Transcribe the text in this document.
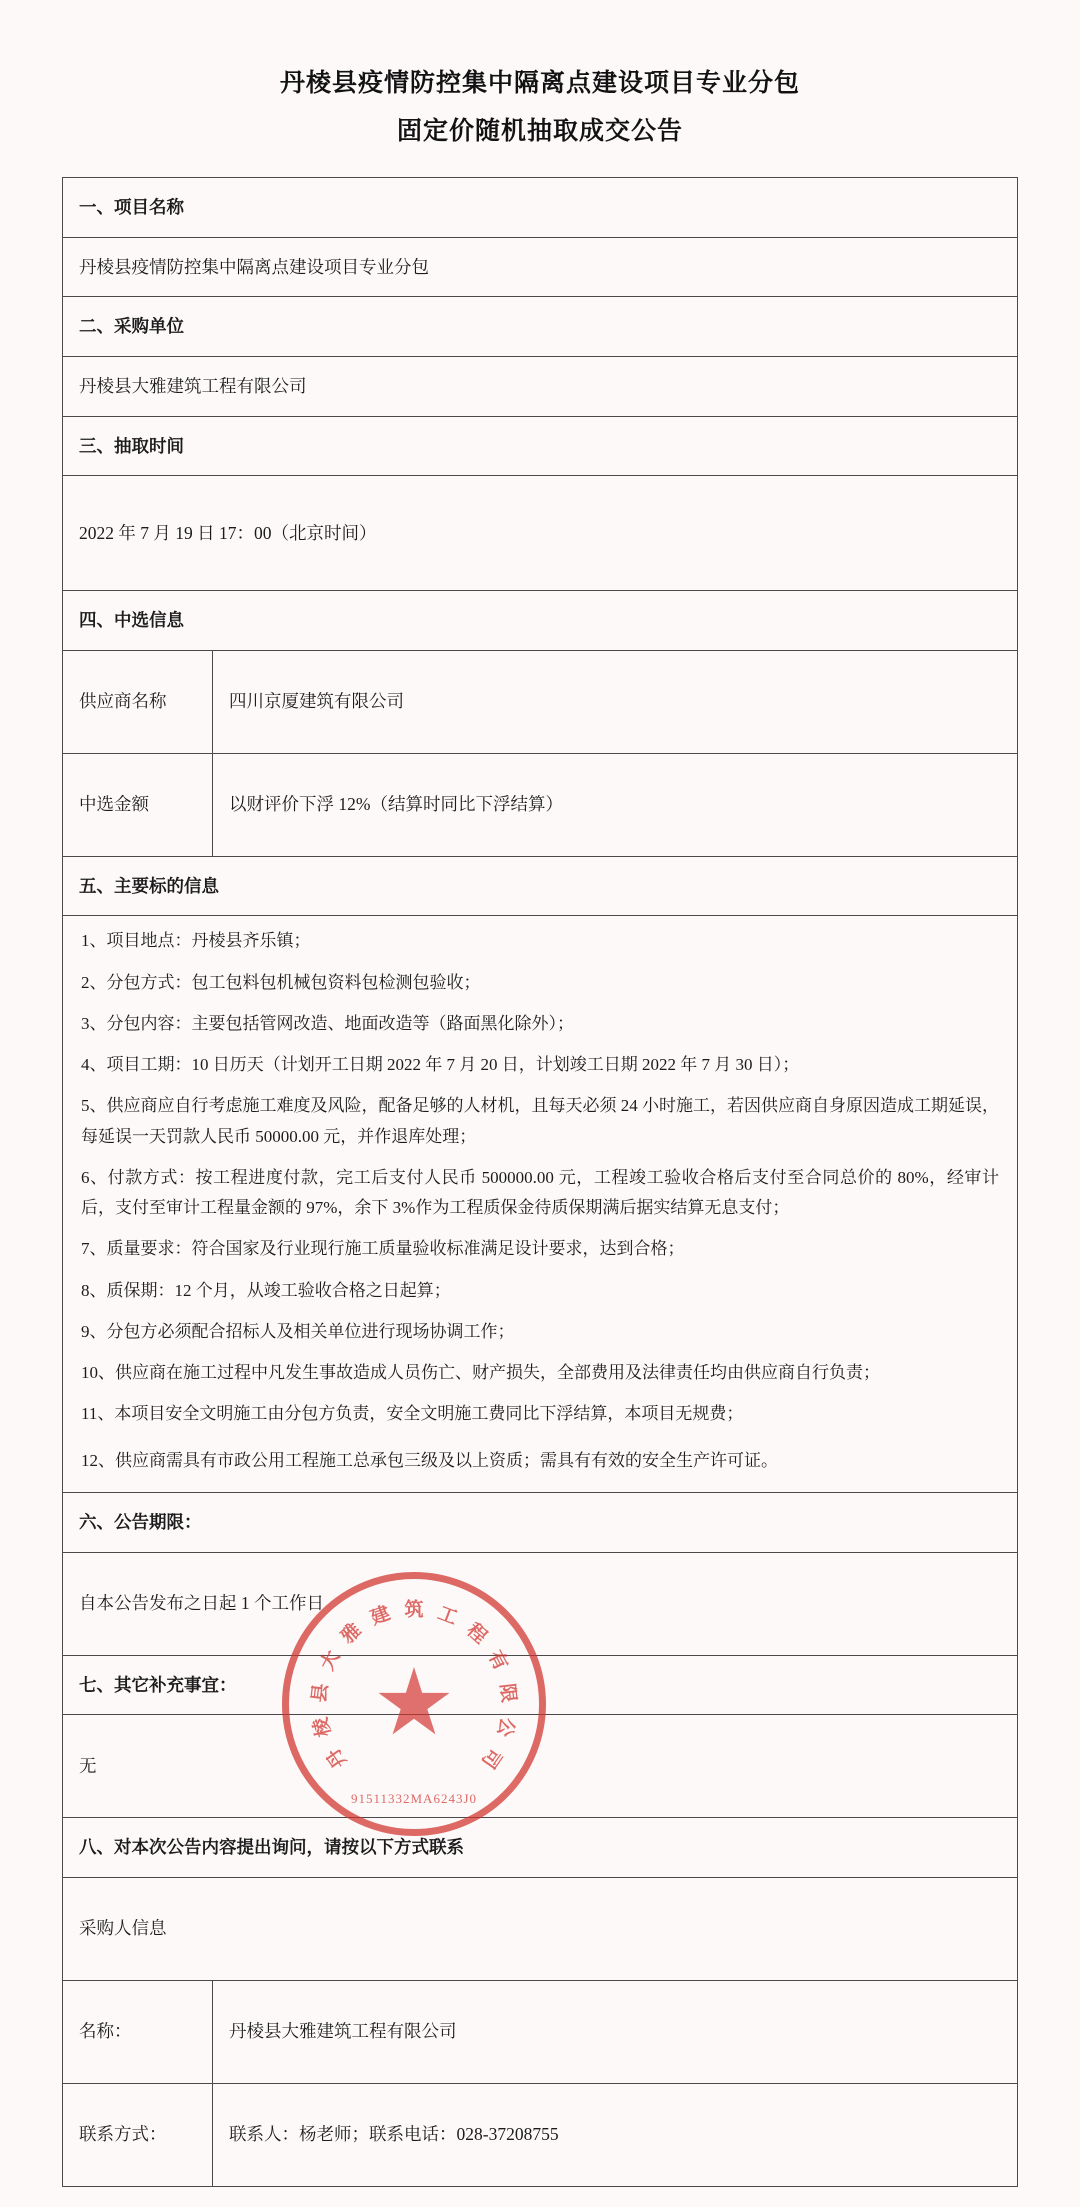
丹棱县疫情防控集中隔离点建设项目专业分包
固定价随机抽取成交公告
一、项目名称	
丹棱县疫情防控集中隔离点建设项目专业分包	
二、采购单位	
丹棱县大雅建筑工程有限公司	
三、抽取时间	
2022 年 7 月 19 日 17：00（北京时间）	
四、中选信息	
供应商名称	四川京厦建筑有限公司
中选金额	以财评价下浮 12%（结算时同比下浮结算）
五、主要标的信息	

1、项目地点：丹棱县齐乐镇；

2、分包方式：包工包料包机械包资料包检测包验收；

3、分包内容：主要包括管网改造、地面改造等（路面黑化除外）；

4、项目工期：10 日历天（计划开工日期 2022 年 7 月 20 日，计划竣工日期 2022 年 7 月 30 日）；

5、供应商应自行考虑施工难度及风险，配备足够的人材机，且每天必须 24 小时施工，若因供应商自身原因造成工期延误，每延误一天罚款人民币 50000.00 元，并作退库处理；

6、付款方式：按工程进度付款，完工后支付人民币 500000.00 元，工程竣工验收合格后支付至合同总价的 80%，经审计后，支付至审计工程量金额的 97%，余下 3%作为工程质保金待质保期满后据实结算无息支付；

7、质量要求：符合国家及行业现行施工质量验收标准满足设计要求，达到合格；

8、质保期：12 个月，从竣工验收合格之日起算；

9、分包方必须配合招标人及相关单位进行现场协调工作；

10、供应商在施工过程中凡发生事故造成人员伤亡、财产损失，全部费用及法律责任均由供应商自行负责；

11、本项目安全文明施工由分包方负责，安全文明施工费同比下浮结算，本项目无规费；

12、供应商需具有市政公用工程施工总承包三级及以上资质；需具有有效的安全生产许可证。

六、公告期限：	
自本公告发布之日起 1 个工作日	
七、其它补充事宜：	
无	
八、对本次公告内容提出询问，请按以下方式联系	
采购人信息	
名称：	丹棱县大雅建筑工程有限公司
联系方式：	联系人：杨老师；联系电话：028-37208755
丹
棱
县
大
雅
建 筑 工
程
有
限
公
司
91511332MA6243J0
